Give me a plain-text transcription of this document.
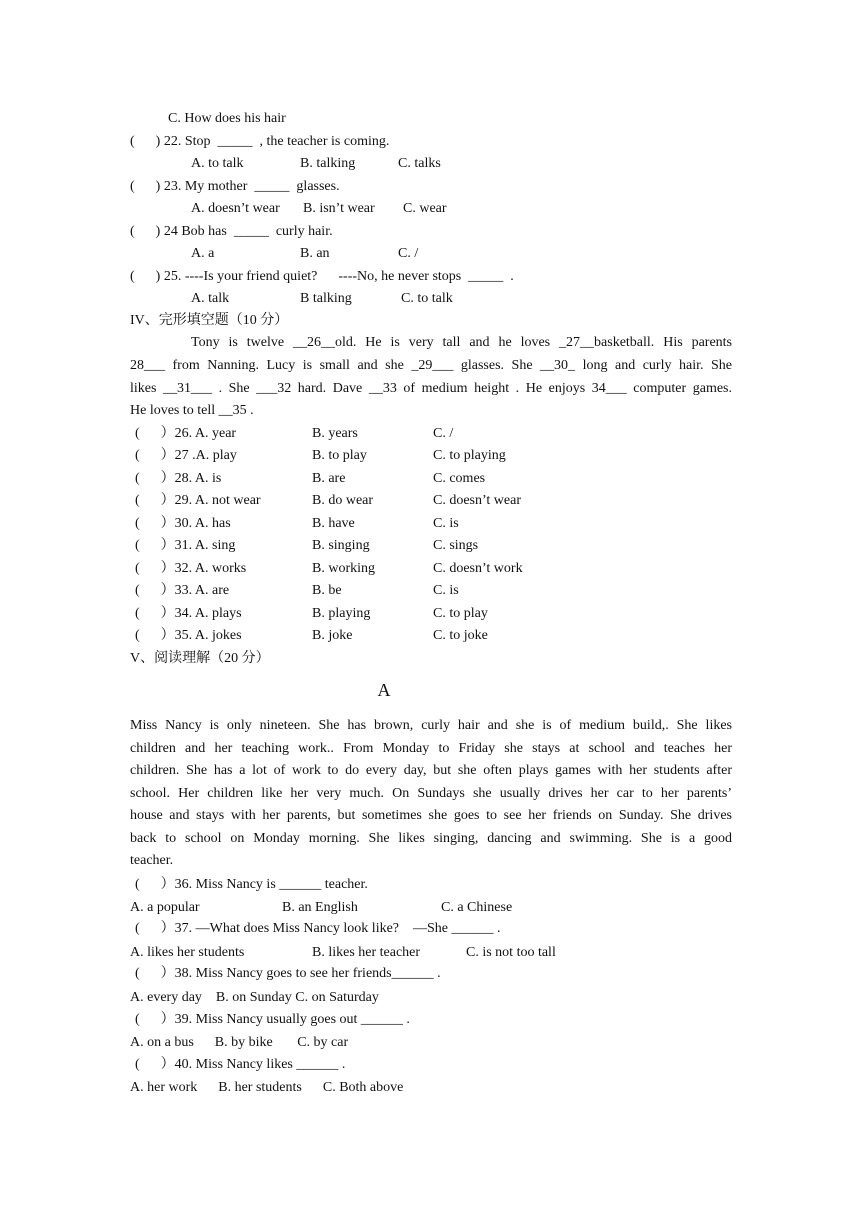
C. How does his hair
(      ) 22. Stop  _____  , the teacher is coming.
A. to talk	B. talking	C. talks
(      ) 23. My mother  _____  glasses.
A. doesn’t wear B. isn’t wear C. wear
(      ) 24 Bob has  _____  curly hair.
A. a	B. an	C. /
(      ) 25. ----Is your friend quiet?      ----No, he never stops  _____  .
A. talk	B talking	C. to talk
IV、完形填空题（10 分）
Tony is twelve __26__old. He is very tall and he loves _27__basketball. His parents
28___ from Nanning. Lucy is small and she _29___ glasses. She __30_ long and curly hair. She
likes __31___ . She ___32 hard. Dave __33 of medium height . He enjoys 34___ computer games.
He loves to tell __35 .
(      ）26. A. year	B. years	C. /
(      ）27 .A. play	B. to play	C. to playing
(      ）28. A. is	B. are	C. comes
(      ）29. A. not wear	B. do wear	C. doesn’t wear
(      ）30. A. has	B. have	C. is
(      ）31. A. sing	B. singing	C. sings
(      ）32. A. works	B. working	C. doesn’t work
(      ）33. A. are	B. be	C. is
(      ）34. A. plays	B. playing	C. to play
(      ）35. A. jokes	B. joke	C. to joke
V、阅读理解（20 分）
A
Miss Nancy is only nineteen. She has brown, curly hair and she is of medium build,. She likes
children and her teaching work.. From Monday to Friday she stays at school and teaches her
children. She has a lot of work to do every day, but she often plays games with her students after
school. Her children like her very much. On Sundays she usually drives her car to her parents’
house and stays with her parents, but sometimes she goes to see her friends on Sunday. She drives
back to school on Monday morning. She likes singing, dancing and swimming. She is a good
teacher.
(      ）36. Miss Nancy is ______ teacher.
A. a popular	B. an English	C. a Chinese
(      ）37. —What does Miss Nancy look like?    —She ______ .
A. likes her students	B. likes her teacher	C. is not too tall
(      ）38. Miss Nancy goes to see her friends______ .
A. every day    B. on Sunday C. on Saturday
(      ）39. Miss Nancy usually goes out ______ .
A. on a bus      B. by bike       C. by car
(      ）40. Miss Nancy likes ______ .
A. her work      B. her students      C. Both above
